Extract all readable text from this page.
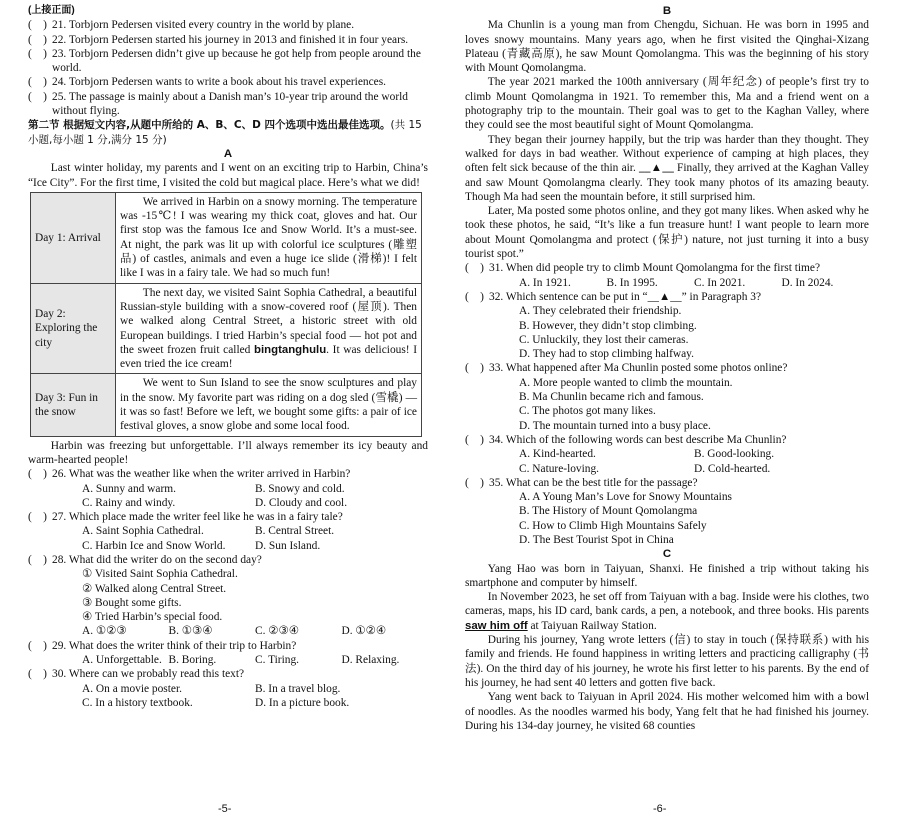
(上接正面)
(    ) 21. Torbjorn Pedersen visited every country in the world by plane.
(    ) 22. Torbjorn Pedersen started his journey in 2013 and finished it in four years.
(    ) 23. Torbjorn Pedersen didn’t give up because he got help from people around the world.
(    ) 24. Torbjorn Pedersen wants to write a book about his travel experiences.
(    ) 25. The passage is mainly about a Danish man’s 10-year trip around the world without flying.
第二节 根据短文内容,从题中所给的 A、B、C、D 四个选项中选出最佳选项。(共 15 小题,每小题 1 分,满分 15 分)
A
Last winter holiday, my parents and I went on an exciting trip to Harbin, China’s “Ice City”. For the first time, I visited the cold but magical place. Here’s what we did!
Day 1: Arrival	We arrived in Harbin on a snowy morning. The temperature was -15℃! I was wearing my thick coat, gloves and hat. Our first stop was the famous Ice and Snow World. It’s a must-see. At night, the park was lit up with colorful ice sculptures (雕塑品) of castles, animals and even a huge ice slide (滑梯)! I felt like I was in a fairy tale. We had so much fun!
Day 2: Exploring the city	The next day, we visited Saint Sophia Cathedral, a beautiful Russian-style building with a snow-covered roof (屋顶). Then we walked along Central Street, a historic street with old European buildings. I tried Harbin’s special food — hot pot and the sweet frozen fruit called bingtanghulu. It was delicious! I even tried the ice cream!
Day 3: Fun in the snow	We went to Sun Island to see the snow sculptures and play in the snow. My favorite part was riding on a dog sled (雪橇) — it was so fast! Before we left, we bought some gifts: a pair of ice festival gloves, a snow globe and some local food.
Harbin was freezing but unforgettable. I’ll always remember its icy beauty and warm-hearted people!
(    ) 26. What was the weather like when the writer arrived in Harbin?
A. Sunny and warm.	B. Snowy and cold.
C. Rainy and windy.	D. Cloudy and cool.
(    ) 27. Which place made the writer feel like he was in a fairy tale?
A. Saint Sophia Cathedral.	B. Central Street.
C. Harbin Ice and Snow World.	D. Sun Island.
(    ) 28. What did the writer do on the second day?
① Visited Saint Sophia Cathedral.
② Walked along Central Street.
③ Bought some gifts.
④ Tried Harbin’s special food.
A. ①②③	B. ①③④	C. ②③④	D. ①②④
(    ) 29. What does the writer think of their trip to Harbin?
A. Unforgettable. B. Boring.	C. Tiring.	D. Relaxing.
(    ) 30. Where can we probably read this text?
A. On a movie poster.	B. In a travel blog.
C. In a history textbook.	D. In a picture book.
-5-
B
Ma Chunlin is a young man from Chengdu, Sichuan. He was born in 1995 and loves snowy mountains. Many years ago, when he first visited the Qinghai-Xizang Plateau (青藏高原), he saw Mount Qomolangma. This was the beginning of his story with Mount Qomolangma.
The year 2021 marked the 100th anniversary (周年纪念) of people’s first try to climb Mount Qomolangma in 1921. To remember this, Ma and a friend went on a photography trip to the mountain. Their goal was to get to the Kaghan Valley, where they could see the most beautiful sight of Mount Qomolangma.
They began their journey happily, but the trip was harder than they thought. They walked for days in bad weather. Without experience of camping at high places, they often felt sick because of the thin air. __▲__ Finally, they arrived at the Kaghan Valley and saw Mount Qomolangma clearly. They took many photos of its amazing beauty. Though Ma had seen the mountain before, it still surprised him.
Later, Ma posted some photos online, and they got many likes. When asked why he took these photos, he said, “It’s like a fun treasure hunt! I want people to learn more about Mount Qomolangma and protect (保护) nature, not just turning it into a busy tourist spot.”
(    ) 31. When did people try to climb Mount Qomolangma for the first time?
A. In 1921.	B. In 1995.	C. In 2021.	D. In 2024.
(    ) 32. Which sentence can be put in “__▲__” in Paragraph 3?
A. They celebrated their friendship.
B. However, they didn’t stop climbing.
C. Unluckily, they lost their cameras.
D. They had to stop climbing halfway.
(    ) 33. What happened after Ma Chunlin posted some photos online?
A. More people wanted to climb the mountain.
B. Ma Chunlin became rich and famous.
C. The photos got many likes.
D. The mountain turned into a busy place.
(    ) 34. Which of the following words can best describe Ma Chunlin?
A. Kind-hearted.	B. Good-looking.
C. Nature-loving.	D. Cold-hearted.
(    ) 35. What can be the best title for the passage?
A. A Young Man’s Love for Snowy Mountains
B. The History of Mount Qomolangma
C. How to Climb High Mountains Safely
D. The Best Tourist Spot in China
C
Yang Hao was born in Taiyuan, Shanxi. He finished a trip without taking his smartphone and computer by himself.
In November 2023, he set off from Taiyuan with a bag. Inside were his clothes, two cameras, maps, his ID card, bank cards, a pen, a notebook, and three books. His parents saw him off at Taiyuan Railway Station.
During his journey, Yang wrote letters (信) to stay in touch (保持联系) with his family and friends. He found happiness in writing letters and practicing calligraphy (书法). On the third day of his journey, he wrote his first letter to his parents. By the end of his journey, he had sent 40 letters and gotten five back.
Yang went back to Taiyuan in April 2024. His mother welcomed him with a bowl of noodles. As the noodles warmed his body, Yang felt that he had finished his journey. During his 134-day journey, he visited 68 counties
-6-
